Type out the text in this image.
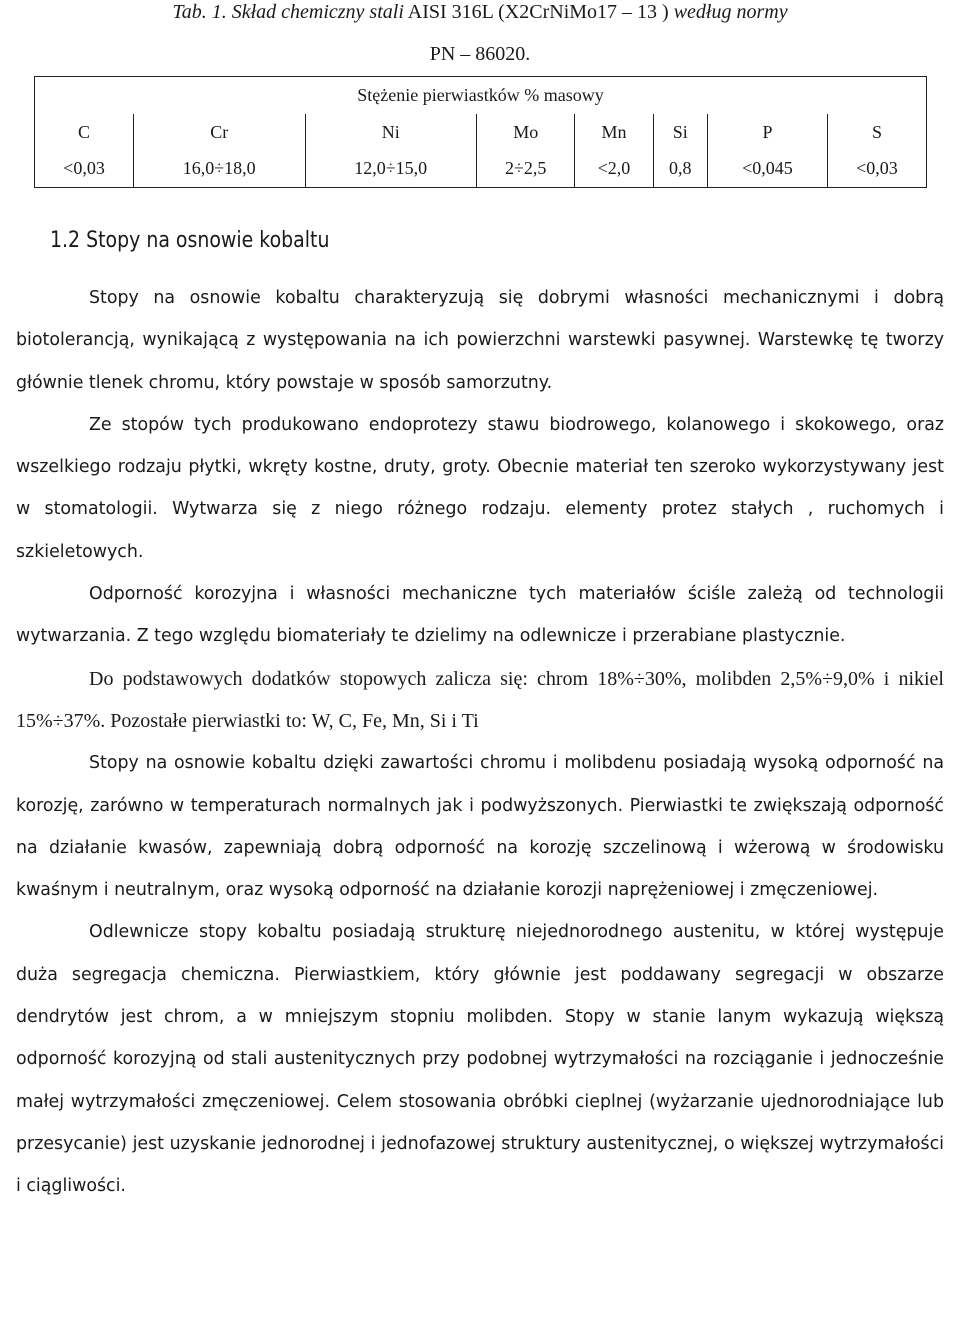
Tab. 1. Skład chemiczny stali AISI 316L (X2CrNiMo17 – 13 ) według normy

PN – 86020.

Stężenie pierwiastków % masowy							
C	Cr	Ni	Mo	Mn	Si	P	S
<0,03	16,0÷18,0	12,0÷15,0	2÷2,5	<2,0	0,8	<0,045	<0,03
1.2 Stopy na osnowie kobaltu

Stopy na osnowie kobaltu charakteryzują się dobrymi własności mechanicznymi i dobrą biotolerancją, wynikającą z występowania na ich powierzchni warstewki pasywnej. Warstewkę tę tworzy głównie tlenek chromu, który powstaje w sposób samorzutny.

Ze stopów tych produkowano endoprotezy stawu biodrowego, kolanowego i skokowego, oraz wszelkiego rodzaju płytki, wkręty kostne, druty, groty. Obecnie materiał ten szeroko wykorzystywany jest w stomatologii. Wytwarza się z niego różnego rodzaju. elementy protez stałych , ruchomych i szkieletowych.

Odporność korozyjna i własności mechaniczne tych materiałów ściśle zależą od technologii wytwarzania. Z tego względu biomateriały te dzielimy na odlewnicze i przerabiane plastycznie.

Do podstawowych dodatków stopowych zalicza się: chrom 18%÷30%, molibden 2,5%÷9,0% i nikiel 15%÷37%. Pozostałe pierwiastki to: W, C, Fe, Mn, Si i Ti

Stopy na osnowie kobaltu dzięki zawartości chromu i molibdenu posiadają wysoką odporność na korozję, zarówno w temperaturach normalnych jak i podwyższonych. Pierwiastki te zwiększają odporność na działanie kwasów, zapewniają dobrą odporność na korozję szczelinową i wżerową w środowisku kwaśnym i neutralnym, oraz wysoką odporność na działanie korozji naprężeniowej i zmęczeniowej.

Odlewnicze stopy kobaltu posiadają strukturę niejednorodnego austenitu, w której występuje duża segregacja chemiczna. Pierwiastkiem, który głównie jest poddawany segregacji w obszarze dendrytów jest chrom, a w mniejszym stopniu molibden. Stopy w stanie lanym wykazują większą odporność korozyjną od stali austenitycznych przy podobnej wytrzymałości na rozciąganie i jednocześnie małej wytrzymałości zmęczeniowej. Celem stosowania obróbki cieplnej (wyżarzanie ujednorodniające lub przesycanie) jest uzyskanie jednorodnej i jednofazowej struktury austenitycznej, o większej wytrzymałości i ciągliwości.
